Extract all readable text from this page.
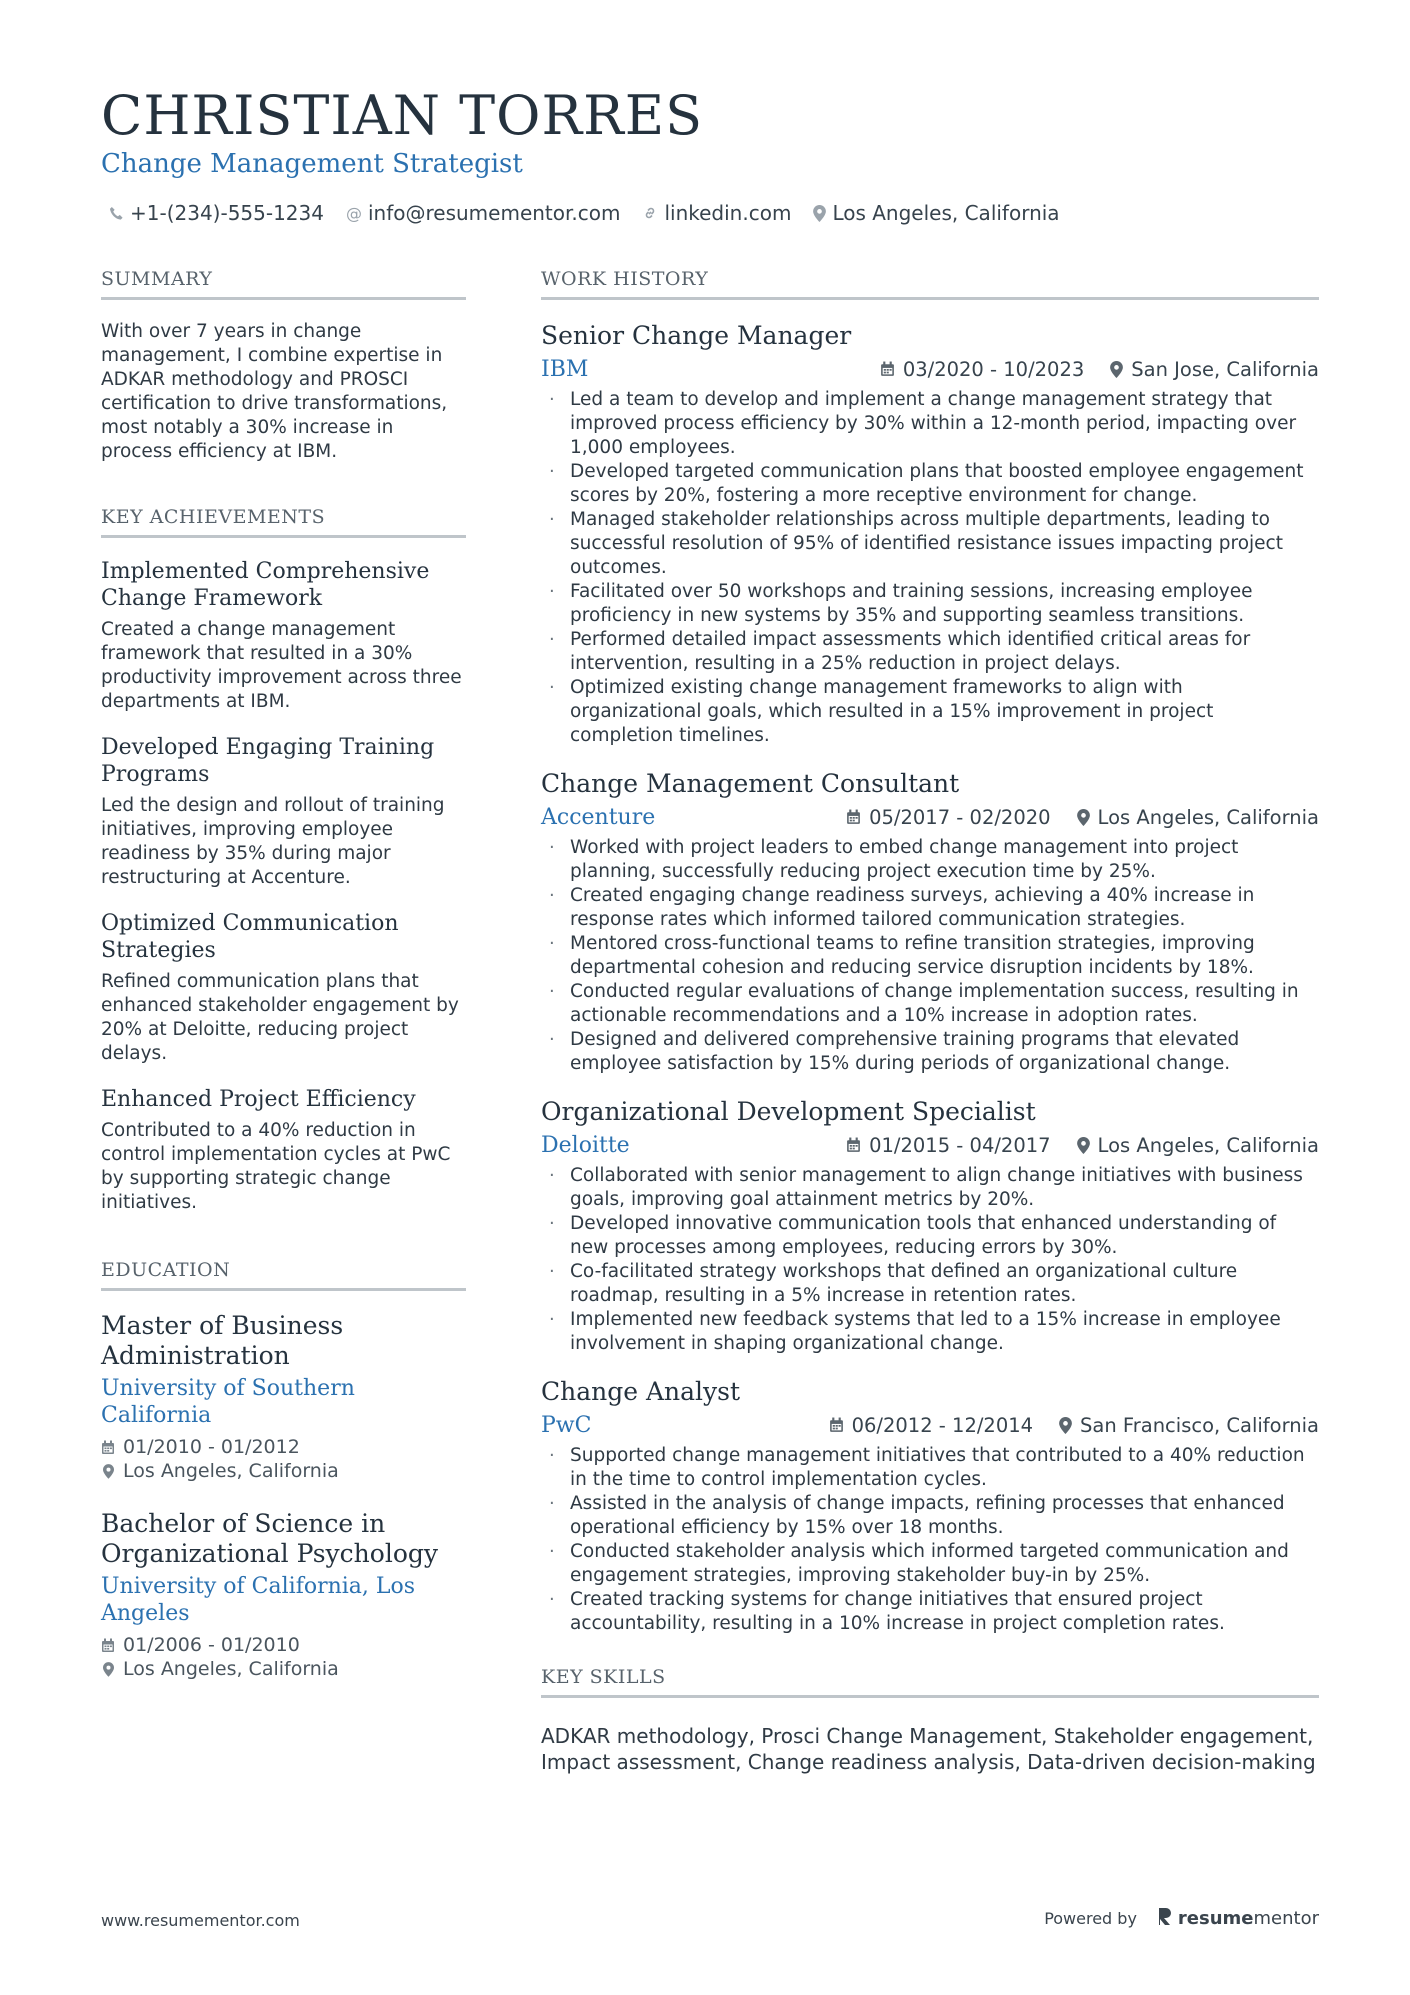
CHRISTIAN TORRES
Change Management Strategist
+1-(234)-555-1234 @ info@resumementor.com linkedin.com Los Angeles, California
SUMMARY
With over 7 years in change management, I combine expertise in ADKAR methodology and PROSCI certification to drive transformations, most notably a 30% increase in process efficiency at IBM.
KEY ACHIEVEMENTS
Implemented Comprehensive Change Framework
Created a change management framework that resulted in a 30% productivity improvement across three departments at IBM.
Developed Engaging Training Programs
Led the design and rollout of training initiatives, improving employee readiness by 35% during major restructuring at Accenture.
Optimized Communication Strategies
Refined communication plans that enhanced stakeholder engagement by 20% at Deloitte, reducing project delays.
Enhanced Project Efficiency
Contributed to a 40% reduction in control implementation cycles at PwC by supporting strategic change initiatives.
EDUCATION
Master of Business Administration
University of Southern California
01/2010 - 01/2012
Los Angeles, California
Bachelor of Science in Organizational Psychology
University of California, Los Angeles
01/2006 - 01/2010
Los Angeles, California
WORK HISTORY
Senior Change Manager
IBM	03/2020 - 10/2023 San Jose, California
· Led a team to develop and implement a change management strategy that improved process efficiency by 30% within a 12-month period, impacting over 1,000 employees.
· Developed targeted communication plans that boosted employee engagement scores by 20%, fostering a more receptive environment for change.
· Managed stakeholder relationships across multiple departments, leading to successful resolution of 95% of identified resistance issues impacting project outcomes.
· Facilitated over 50 workshops and training sessions, increasing employee proficiency in new systems by 35% and supporting seamless transitions.
· Performed detailed impact assessments which identified critical areas for intervention, resulting in a 25% reduction in project delays.
· Optimized existing change management frameworks to align with organizational goals, which resulted in a 15% improvement in project completion timelines.
Change Management Consultant
Accenture	05/2017 - 02/2020 Los Angeles, California
· Worked with project leaders to embed change management into project planning, successfully reducing project execution time by 25%.
· Created engaging change readiness surveys, achieving a 40% increase in response rates which informed tailored communication strategies.
· Mentored cross-functional teams to refine transition strategies, improving departmental cohesion and reducing service disruption incidents by 18%.
· Conducted regular evaluations of change implementation success, resulting in actionable recommendations and a 10% increase in adoption rates.
· Designed and delivered comprehensive training programs that elevated employee satisfaction by 15% during periods of organizational change.
Organizational Development Specialist
Deloitte	01/2015 - 04/2017 Los Angeles, California
· Collaborated with senior management to align change initiatives with business goals, improving goal attainment metrics by 20%.
· Developed innovative communication tools that enhanced understanding of new processes among employees, reducing errors by 30%.
· Co-facilitated strategy workshops that defined an organizational culture roadmap, resulting in a 5% increase in retention rates.
· Implemented new feedback systems that led to a 15% increase in employee involvement in shaping organizational change.
Change Analyst
PwC	06/2012 - 12/2014 San Francisco, California
· Supported change management initiatives that contributed to a 40% reduction in the time to control implementation cycles.
· Assisted in the analysis of change impacts, refining processes that enhanced operational efficiency by 15% over 18 months.
· Conducted stakeholder analysis which informed targeted communication and engagement strategies, improving stakeholder buy-in by 25%.
· Created tracking systems for change initiatives that ensured project accountability, resulting in a 10% increase in project completion rates.
KEY SKILLS
ADKAR methodology, Prosci Change Management, Stakeholder engagement, Impact assessment, Change readiness analysis, Data-driven decision-making
www.resumementor.com	Powered by resume mentor
